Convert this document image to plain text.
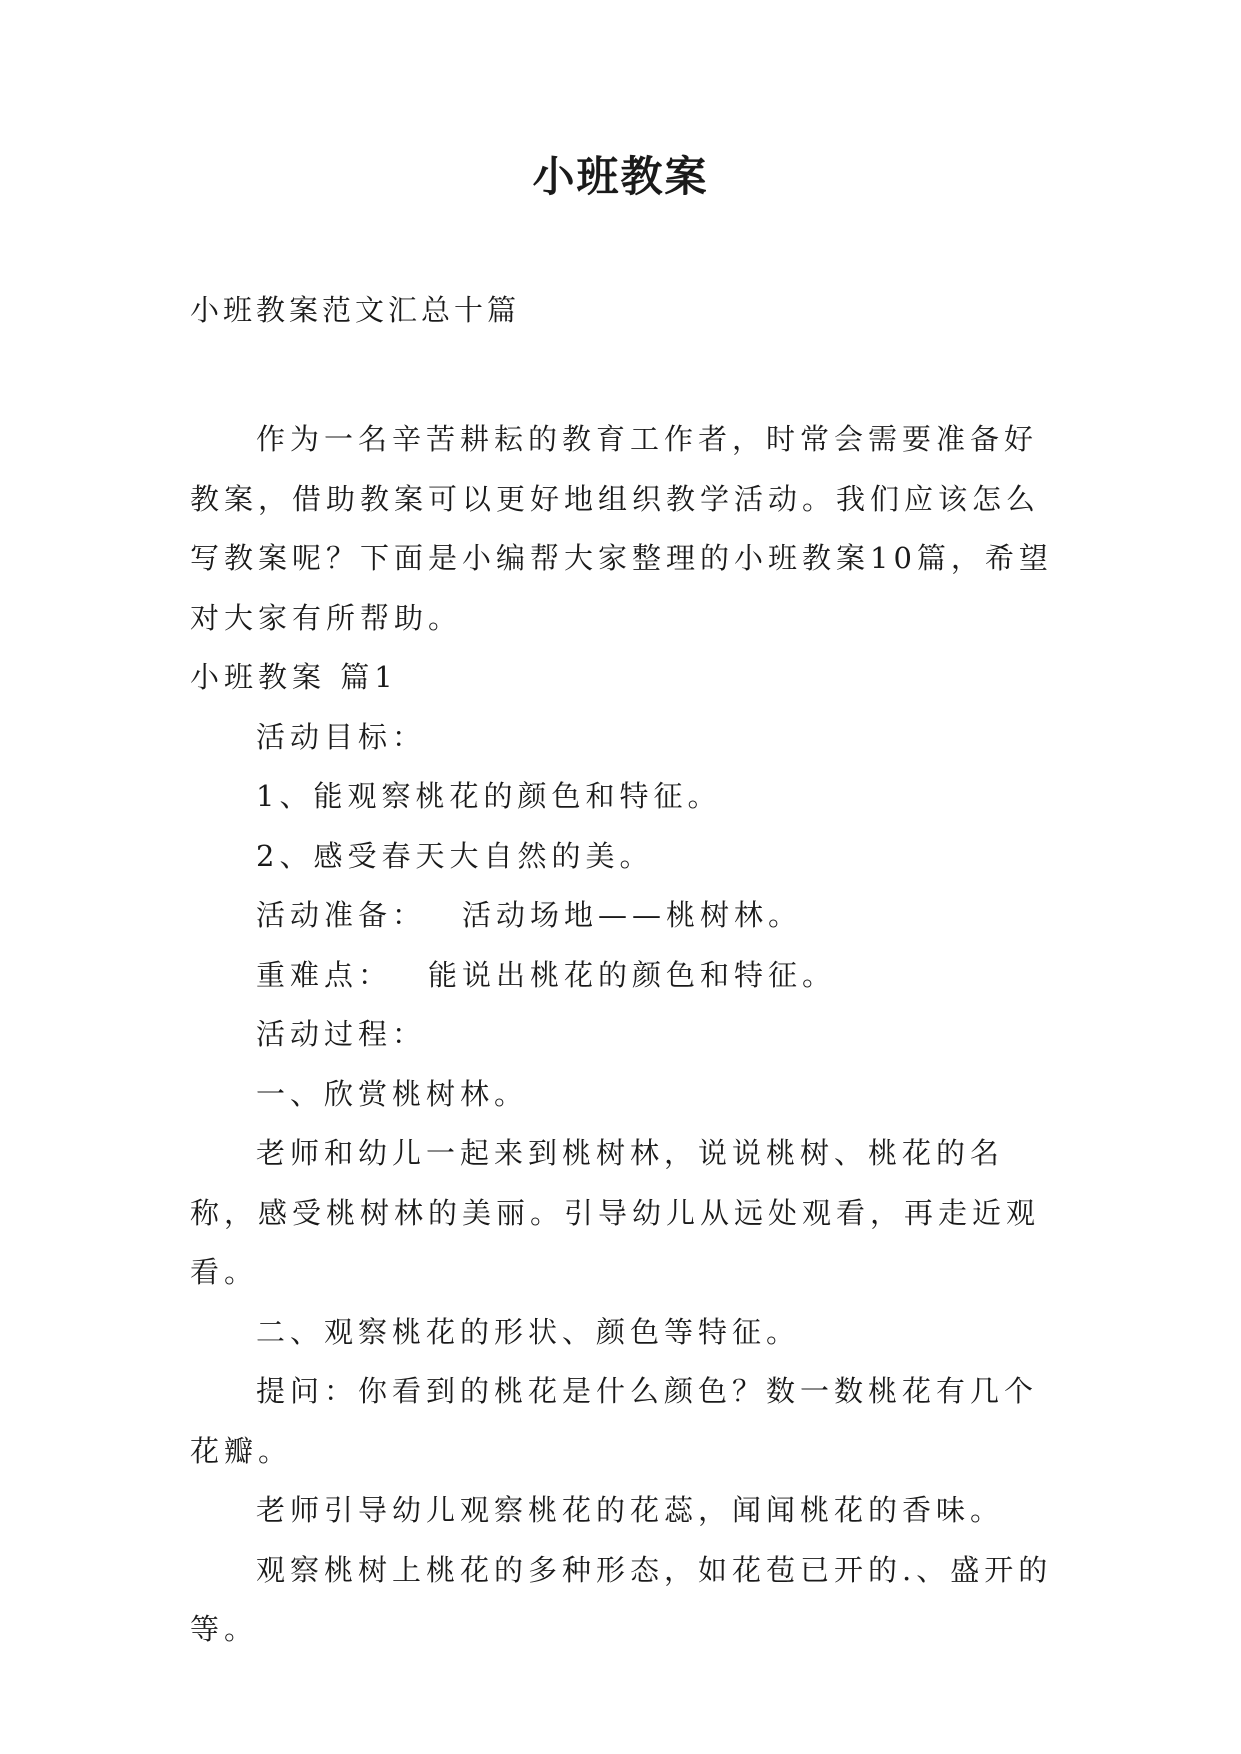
小班教案
小班教案范文汇总十篇

作为一名辛苦耕耘的教育工作者，时常会需要准备好教案，借助教案可以更好地组织教学活动。我们应该怎么写教案呢？下面是小编帮大家整理的小班教案10篇，希望对大家有所帮助。

小班教案 篇1

活动目标：

1、能观察桃花的颜色和特征。

2、感受春天大自然的美。

活动准备： 活动场地——桃树林。

重难点： 能说出桃花的颜色和特征。

活动过程：

一、欣赏桃树林。

老师和幼儿一起来到桃树林，说说桃树、桃花的名称，感受桃树林的美丽。引导幼儿从远处观看，再走近观看。

二、观察桃花的形状、颜色等特征。

提问：你看到的桃花是什么颜色？数一数桃花有几个花瓣。

老师引导幼儿观察桃花的花蕊，闻闻桃花的香味。

观察桃树上桃花的多种形态，如花苞已开的.、盛开的等。
